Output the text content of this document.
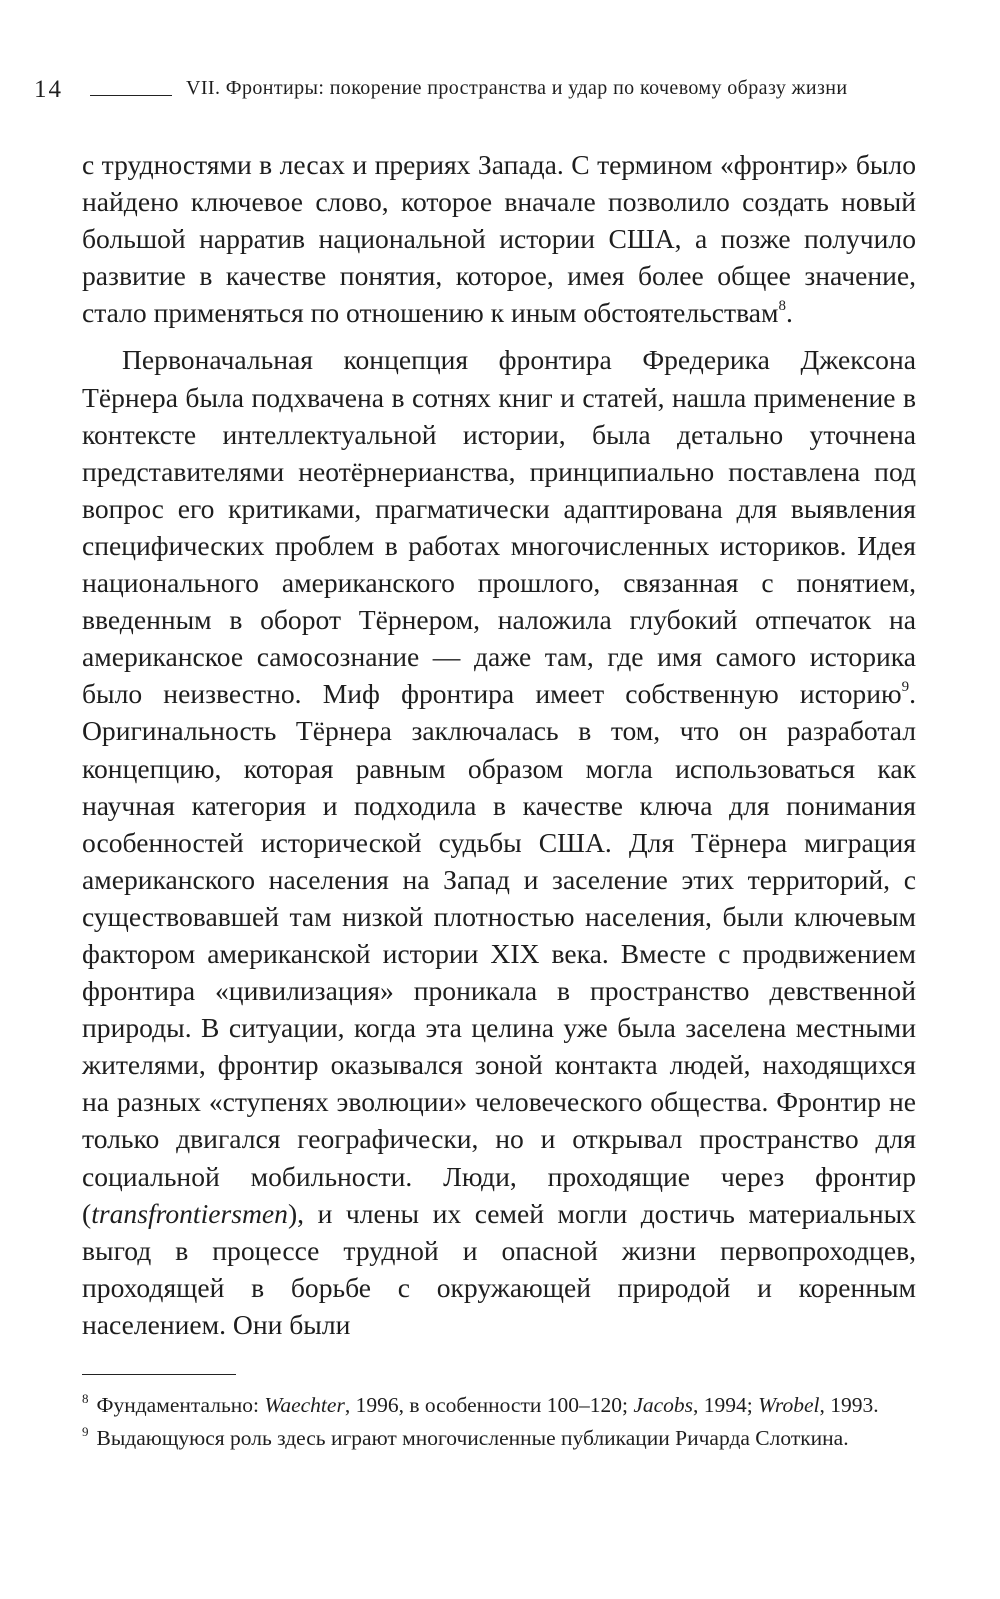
14	VII. Фронтиры: покорение пространства и удар по кочевому образу жизни

с трудностями в лесах и прериях Запада. С термином «фронтир» было найдено ключевое слово, которое вначале позволило создать новый большой нарратив национальной истории США, а позже получило развитие в качестве понятия, которое, имея более общее значение, стало применяться по отношению к иным обстоятельствам$^8$.

Первоначальная концепция фронтира Фредерика Джексона Тёрнера была подхвачена в сотнях книг и статей, нашла применение в контексте интеллектуальной истории, была детально уточнена представителями неотёрнерианства, принципиально поставлена под вопрос его критиками, прагматически адаптирована для выявления специфических проблем в работах многочисленных историков. Идея национального американского прошлого, связанная с понятием, введенным в оборот Тёрнером, наложила глубокий отпечаток на американское самосознание — даже там, где имя самого историка было неизвестно. Миф фронтира имеет собственную историю$^9$. Оригинальность Тёрнера заключалась в том, что он разработал концепцию, которая равным образом могла использоваться как научная категория и подходила в качестве ключа для понимания особенностей исторической судьбы США. Для Тёрнера миграция американского населения на Запад и заселение этих территорий, с существовавшей там низкой плотностью населения, были ключевым фактором американской истории XIX века. Вместе с продвижением фронтира «цивилизация» проникала в пространство девственной природы. В ситуации, когда эта целина уже была заселена местными жителями, фронтир оказывался зоной контакта людей, находящихся на разных «ступенях эволюции» человеческого общества. Фронтир не только двигался географически, но и открывал пространство для социальной мобильности. Люди, проходящие через фронтир (transfrontiersmen), и члены их семей могли достичь материальных выгод в процессе трудной и опасной жизни первопроходцев, проходящей в борьбе с окружающей природой и коренным населением. Они были

$^8$ Фундаментально: Waechter, 1996, в особенности 100–120; Jacobs, 1994; Wrobel, 1993.

$^9$ Выдающуюся роль здесь играют многочисленные публикации Ричарда Слоткина.
